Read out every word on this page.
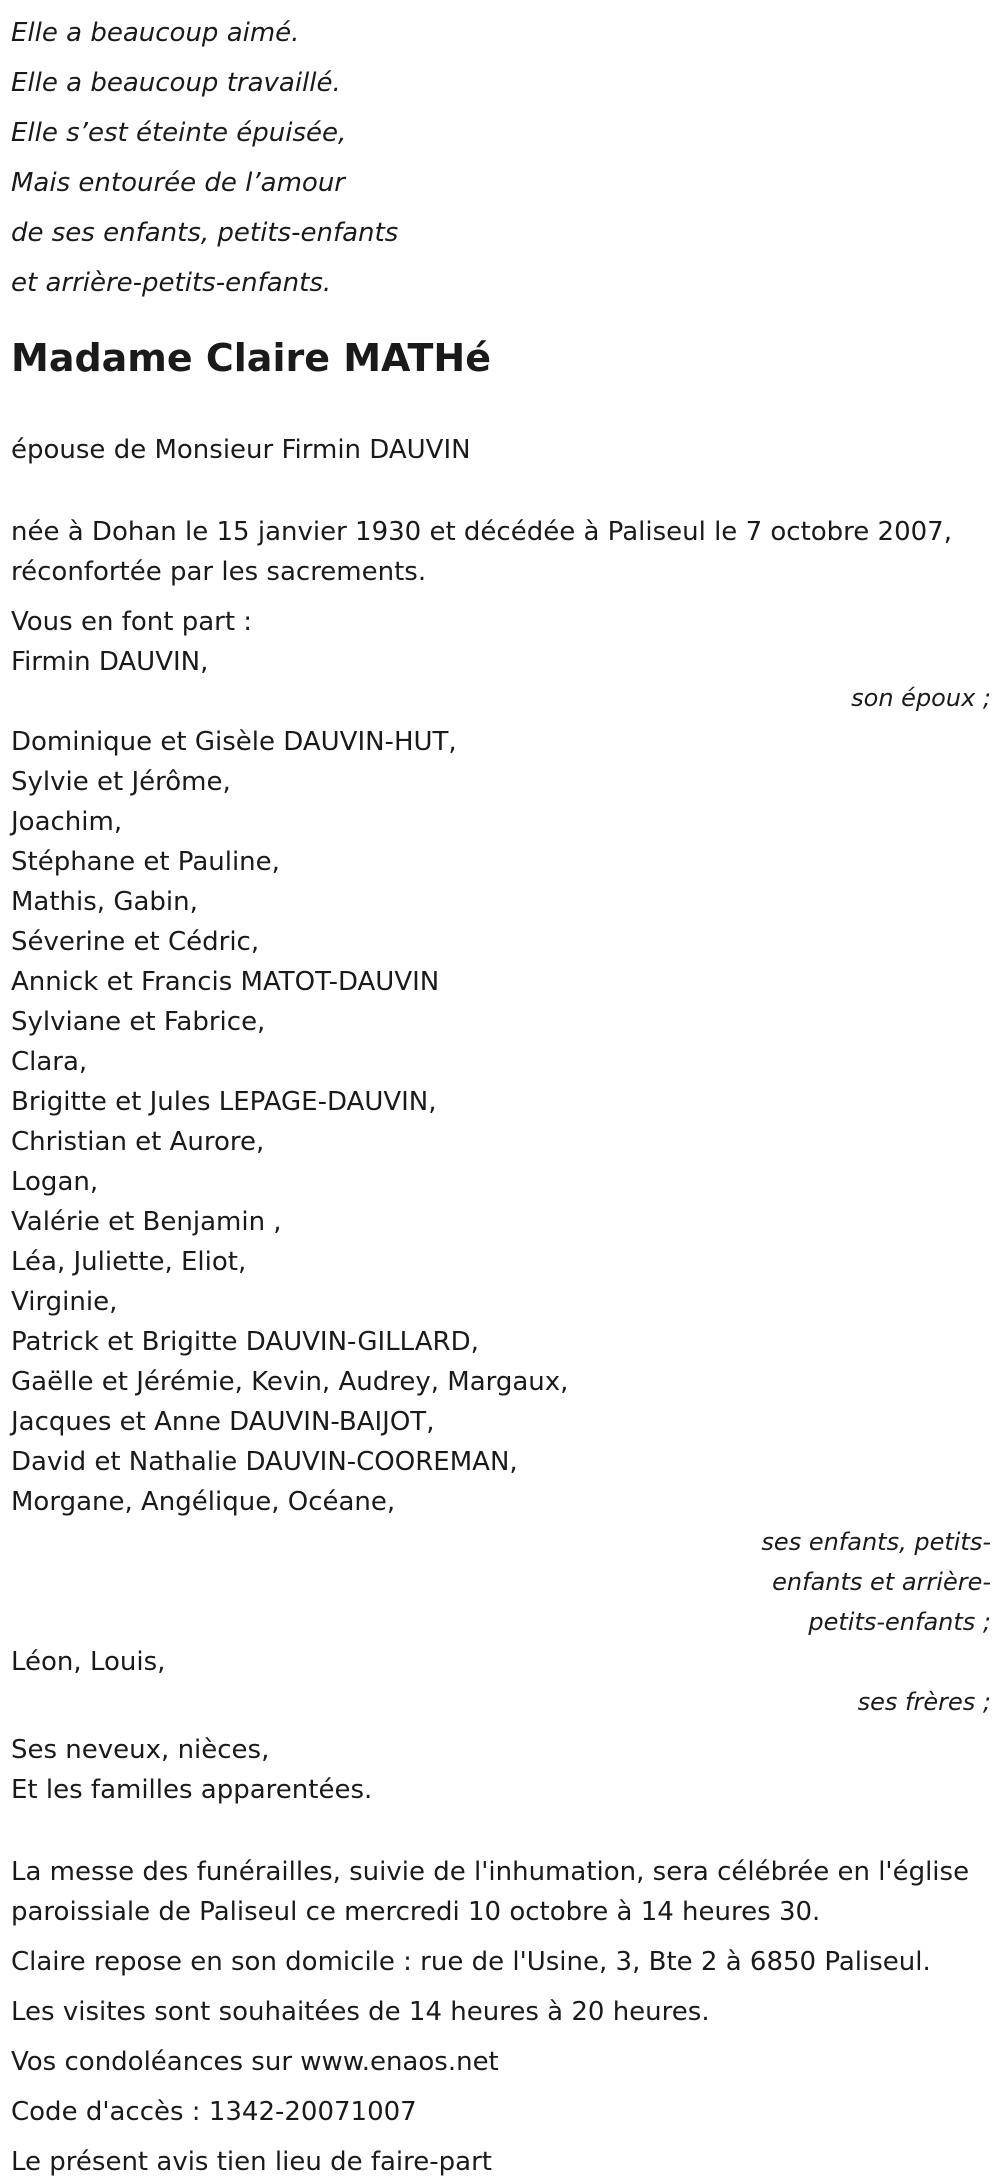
Elle a beaucoup aimé.
Elle a beaucoup travaillé.
Elle s’est éteinte épuisée,
Mais entourée de l’amour
de ses enfants, petits-enfants
et arrière-petits-enfants.
Madame Claire MATHé
épouse de Monsieur Firmin DAUVIN
née à Dohan le 15 janvier 1930 et décédée à Paliseul le 7 octobre 2007,
réconfortée par les sacrements.
Vous en font part :
Firmin DAUVIN,
son époux ;
Dominique et Gisèle DAUVIN-HUT,
Sylvie et Jérôme,
Joachim,
Stéphane et Pauline,
Mathis, Gabin,
Séverine et Cédric,
Annick et Francis MATOT-DAUVIN
Sylviane et Fabrice,
Clara,
Brigitte et Jules LEPAGE-DAUVIN,
Christian et Aurore,
Logan,
Valérie et Benjamin ,
Léa, Juliette, Eliot,
Virginie,
Patrick et Brigitte DAUVIN-GILLARD,
Gaëlle et Jérémie, Kevin, Audrey, Margaux,
Jacques et Anne DAUVIN-BAIJOT,
David et Nathalie DAUVIN-COOREMAN,
Morgane, Angélique, Océane,
ses enfants, petits-
enfants et arrière-
petits-enfants ;
Léon, Louis,
ses frères ;
Ses neveux, nièces,
Et les familles apparentées.
La messe des funérailles, suivie de l'inhumation, sera célébrée en l'église
paroissiale de Paliseul ce mercredi 10 octobre à 14 heures 30.
Claire repose en son domicile : rue de l'Usine, 3, Bte 2 à 6850 Paliseul.
Les visites sont souhaitées de 14 heures à 20 heures.
Vos condoléances sur www.enaos.net
Code d'accès : 1342-20071007
Le présent avis tien lieu de faire-part
